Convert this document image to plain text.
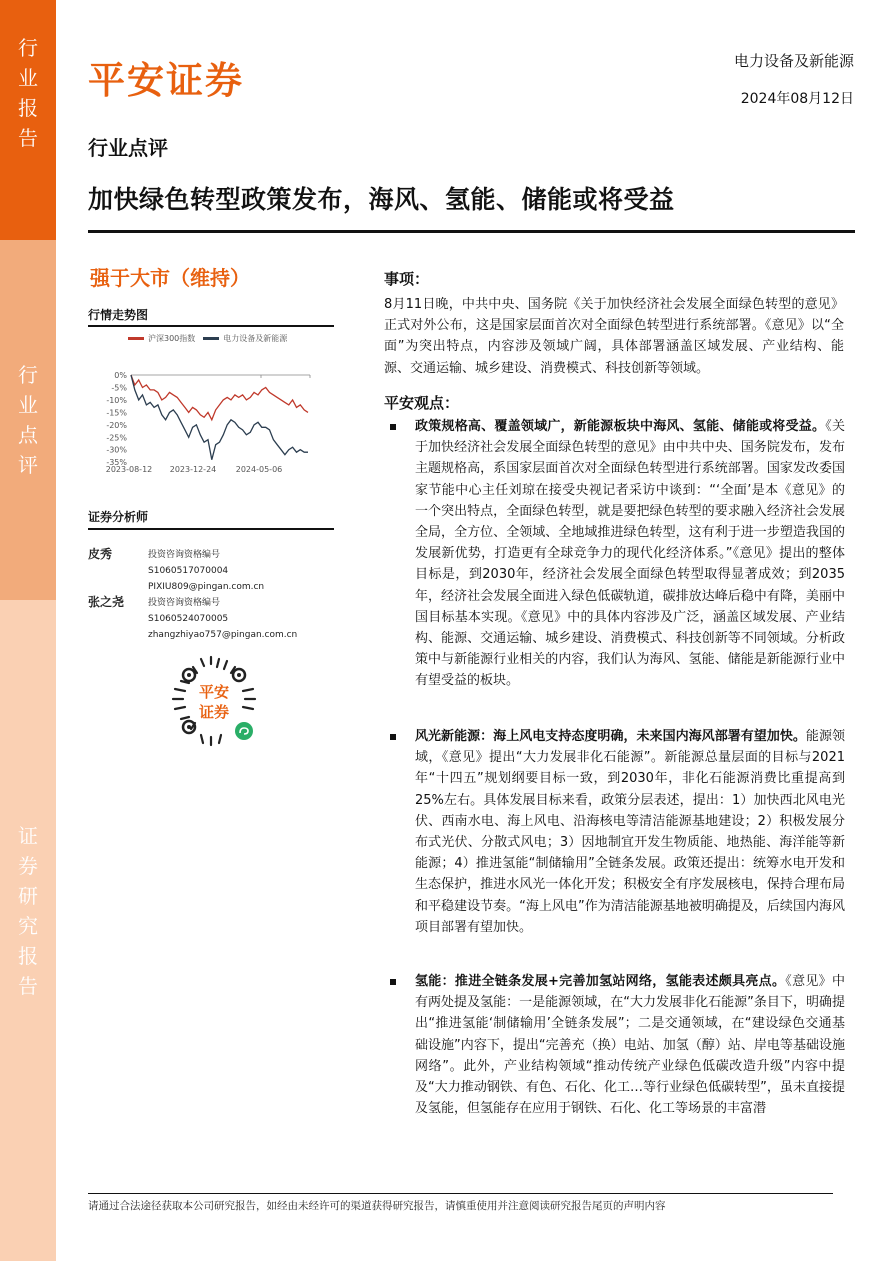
行业报告
行业点评
证券研究报告
平安证券	电力设备及新能源
2024年08月12日
行业点评
加快绿色转型政策发布，海风、氢能、储能或将受益
强于大市（维持）
行情走势图
沪深300指数	电力设备及新能源
0%
-5%
-10%
-15%
-20%
-25%
-30%
-35%
2023-08-12 2023-12-24 2024-05-06
证券分析师
皮秀	投资咨询资格编号
S1060517070004
PIXIU809@pingan.com.cn
张之尧	投资咨询资格编号
S1060524070005
zhangzhiyao757@pingan.com.cn
平安
证券
事项：
8月11日晚，中共中央、国务院《关于加快经济社会发展全面绿色转型的意见》正式对外公布，这是国家层面首次对全面绿色转型进行系统部署。《意见》以“全面”为突出特点，内容涉及领域广阔，具体部署涵盖区域发展、产业结构、能源、交通运输、城乡建设、消费模式、科技创新等领域。
平安观点：
政策规格高、覆盖领域广，新能源板块中海风、氢能、储能或将受益。《关于加快经济社会发展全面绿色转型的意见》由中共中央、国务院发布，发布主题规格高，系国家层面首次对全面绿色转型进行系统部署。国家发改委国家节能中心主任刘琼在接受央视记者采访中谈到：“‘全面’是本《意见》的一个突出特点，全面绿色转型，就是要把绿色转型的要求融入经济社会发展全局，全方位、全领域、全地域推进绿色转型，这有利于进一步塑造我国的发展新优势，打造更有全球竞争力的现代化经济体系。”《意见》提出的整体目标是，到2030年，经济社会发展全面绿色转型取得显著成效；到2035年，经济社会发展全面进入绿色低碳轨道，碳排放达峰后稳中有降，美丽中国目标基本实现。《意见》中的具体内容涉及广泛，涵盖区域发展、产业结构、能源、交通运输、城乡建设、消费模式、科技创新等不同领域。分析政策中与新能源行业相关的内容，我们认为海风、氢能、储能是新能源行业中有望受益的板块。
风光新能源：海上风电支持态度明确，未来国内海风部署有望加快。能源领域，《意见》提出“大力发展非化石能源”。新能源总量层面的目标与2021年“十四五”规划纲要目标一致，到2030年，非化石能源消费比重提高到25%左右。具体发展目标来看，政策分层表述，提出：1）加快西北风电光伏、西南水电、海上风电、沿海核电等清洁能源基地建设；2）积极发展分布式光伏、分散式风电；3）因地制宜开发生物质能、地热能、海洋能等新能源；4）推进氢能“制储输用”全链条发展。政策还提出：统筹水电开发和生态保护，推进水风光一体化开发；积极安全有序发展核电，保持合理布局和平稳建设节奏。“海上风电”作为清洁能源基地被明确提及，后续国内海风项目部署有望加快。
氢能：推进全链条发展+完善加氢站网络，氢能表述颇具亮点。《意见》中有两处提及氢能：一是能源领域，在“大力发展非化石能源”条目下，明确提出“推进氢能‘制储输用’全链条发展”；二是交通领域，在“建设绿色交通基础设施”内容下，提出“完善充（换）电站、加氢（醇）站、岸电等基础设施网络”。此外，产业结构领域“推动传统产业绿色低碳改造升级”内容中提及“大力推动钢铁、有色、石化、化工…等行业绿色低碳转型”，虽未直接提及氢能，但氢能存在应用于钢铁、石化、化工等场景的丰富潜
请通过合法途径获取本公司研究报告，如经由未经许可的渠道获得研究报告，请慎重使用并注意阅读研究报告尾页的声明内容
